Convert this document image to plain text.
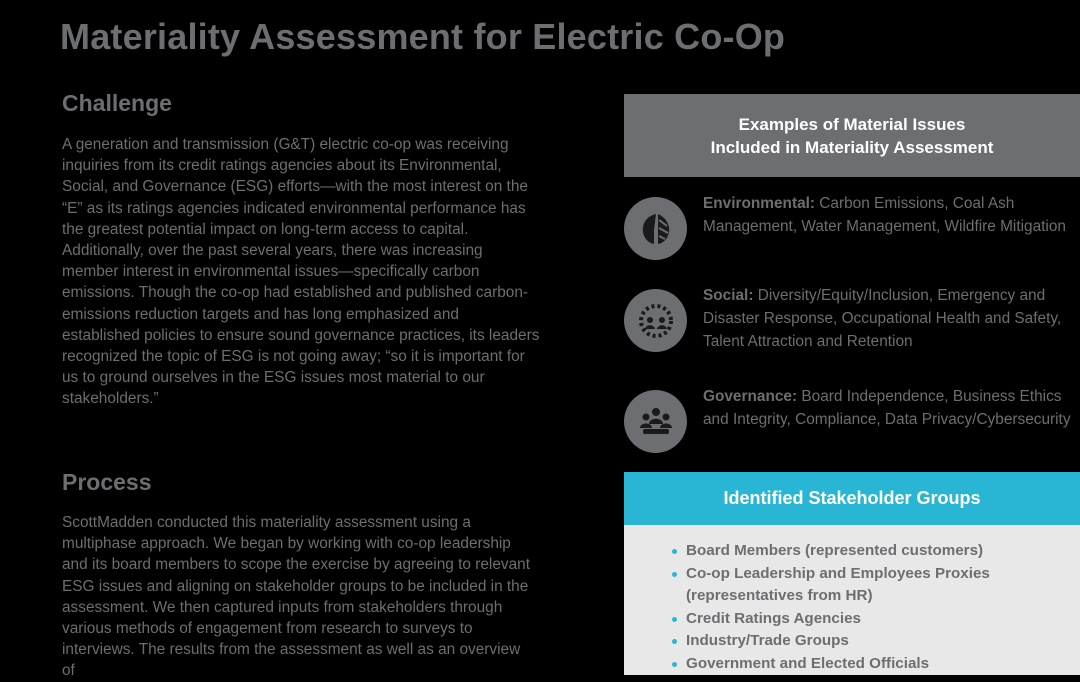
Materiality Assessment for Electric Co-Op
Challenge

A generation and transmission (G&T) electric co-op was receiving inquiries from its credit ratings agencies about its Environmental, Social, and Governance (ESG) efforts—with the most interest on the “E” as its ratings agencies indicated environmental performance has the greatest potential impact on long-term access to capital. Additionally, over the past several years, there was increasing member interest in environmental issues—specifically carbon emissions. Though the co-op had established and published carbon-emissions reduction targets and has long emphasized and established policies to ensure sound governance practices, its leaders recognized the topic of ESG is not going away; “so it is important for us to ground ourselves in the ESG issues most material to our stakeholders.”

Process

ScottMadden conducted this materiality assessment using a multiphase approach. We began by working with co-op leadership and its board members to scope the exercise by agreeing to relevant ESG issues and aligning on stakeholder groups to be included in the assessment. We then captured inputs from stakeholders through various methods of engagement from research to surveys to interviews. The results from the assessment as well as an overview of

Examples of Material Issues
Included in Materiality Assessment
Environmental: Carbon Emissions, Coal Ash Management, Water Management, Wildfire Mitigation
Social: Diversity/Equity/Inclusion, Emergency and Disaster Response, Occupational Health and Safety, Talent Attraction and Retention
Governance: Board Independence, Business Ethics and Integrity, Compliance, Data Privacy/Cybersecurity
Identified Stakeholder Groups
Board Members (represented customers)
Co-op Leadership and Employees Proxies (representatives from HR)
Credit Ratings Agencies
Industry/Trade Groups
Government and Elected Officials
